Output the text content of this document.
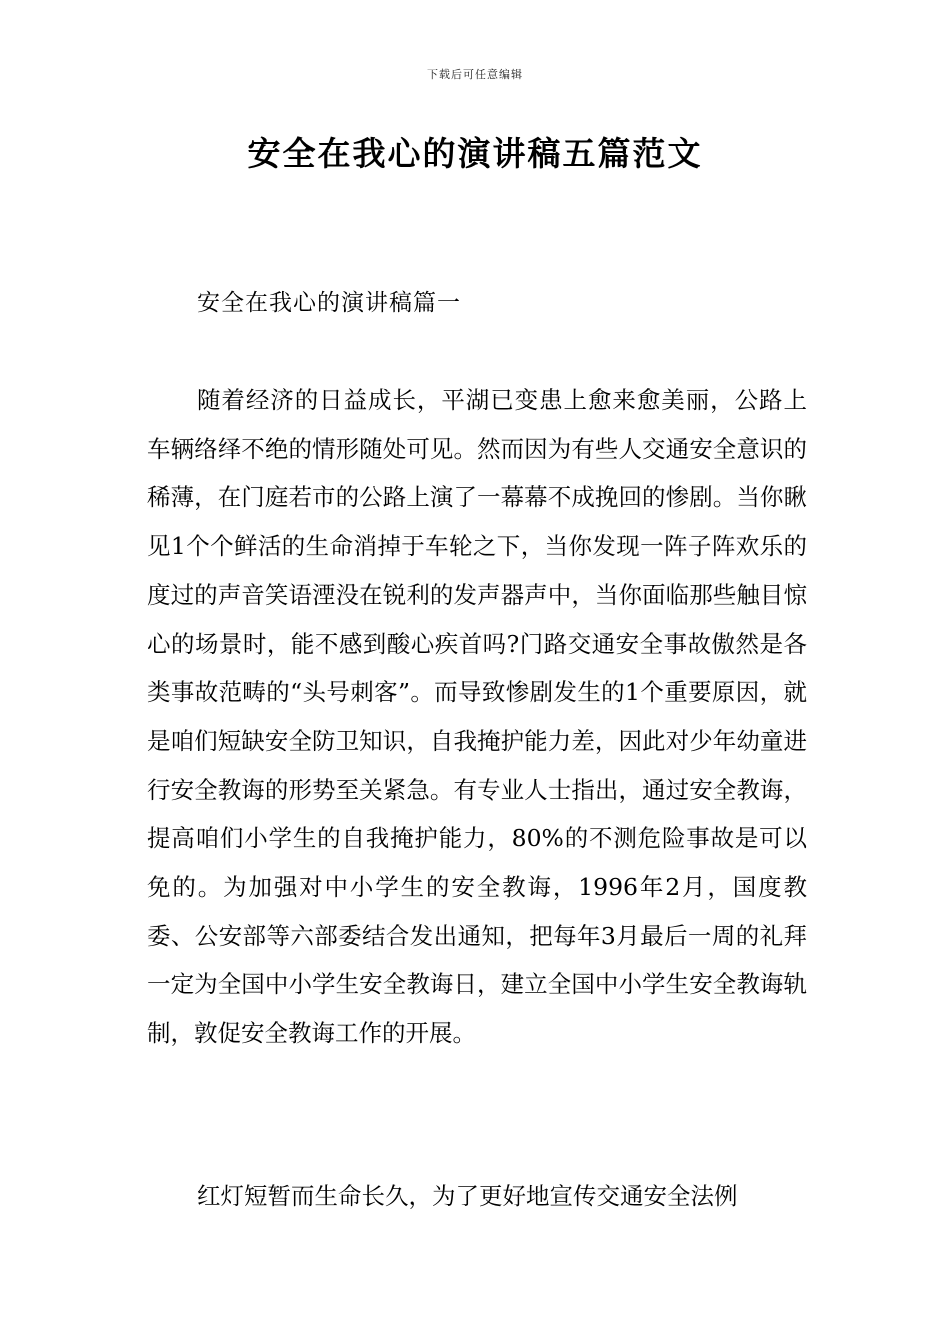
下载后可任意编辑
安全在我心的演讲稿五篇范文
安全在我心的演讲稿篇一

随着经济的日益成长，平湖已变患上愈来愈美丽，公路上车辆络绎不绝的情形随处可见。然而因为有些人交通安全意识的稀薄，在门庭若市的公路上演了一幕幕不成挽回的惨剧。当你瞅见1个个鲜活的生命消掉于车轮之下，当你发现一阵子阵欢乐的度过的声音笑语湮没在锐利的发声器声中，当你面临那些触目惊心的场景时，能不感到酸心疾首吗?门路交通安全事故傲然是各类事故范畴的“头号刺客”。而导致惨剧发生的1个重要原因，就是咱们短缺安全防卫知识，自我掩护能力差，因此对少年幼童进行安全教诲的形势至关紧急。有专业人士指出，通过安全教诲，提高咱们小学生的自我掩护能力，80%的不测危险事故是可以免的。为加强对中小学生的安全教诲，1996年2月，国度教委、公安部等六部委结合发出通知，把每年3月最后一周的礼拜一定为全国中小学生安全教诲日，建立全国中小学生安全教诲轨制，敦促安全教诲工作的开展。

红灯短暂而生命长久，为了更好地宣传交通安全法例
